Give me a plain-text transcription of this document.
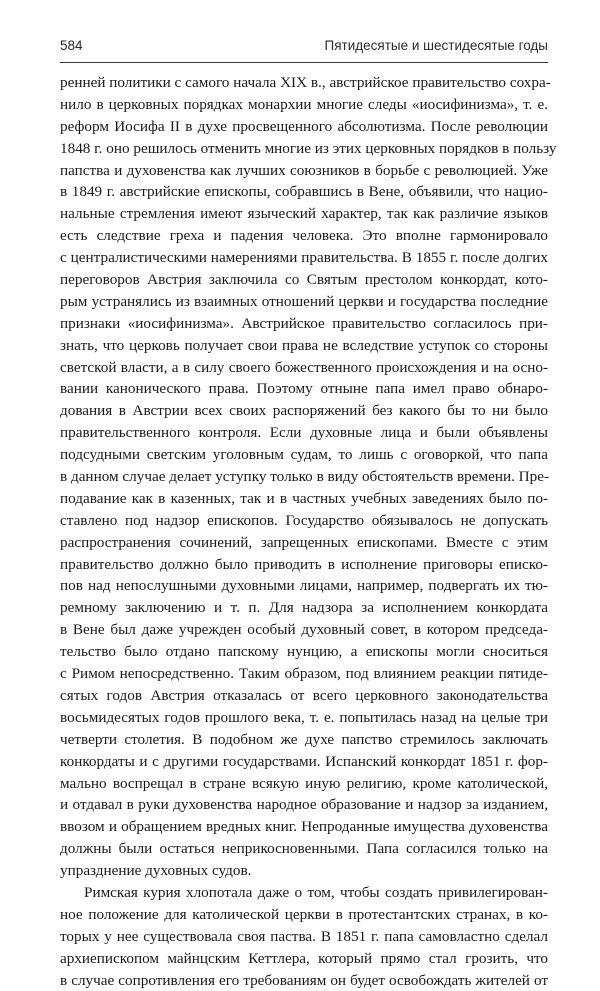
584	Пятидесятые и шестидесятые годы
ренней политики с самого начала XIX в., австрийское правительство сохра-
нило в церковных порядках монархии многие следы «иосифинизма», т. е.
реформ Иосифа II в духе просвещенного абсолютизма. После революции
1848 г. оно решилось отменить многие из этих церковных порядков в пользу
папства и духовенства как лучших союзников в борьбе с революцией. Уже
в 1849 г. австрийские епископы, собравшись в Вене, объявили, что нацио-
нальные стремления имеют языческий характер, так как различие языков
есть следствие греха и падения человека. Это вполне гармонировало
с централистическими намерениями правительства. В 1855 г. после долгих
переговоров Австрия заключила со Святым престолом конкордат, кото-
рым устранялись из взаимных отношений церкви и государства последние
признаки «иосифинизма». Австрийское правительство согласилось при-
знать, что церковь получает свои права не вследствие уступок со стороны
светской власти, а в силу своего божественного происхождения и на осно-
вании канонического права. Поэтому отныне папа имел право обнаро-
дования в Австрии всех своих распоряжений без какого бы то ни было
правительственного контроля. Если духовные лица и были объявлены
подсудными светским уголовным судам, то лишь с оговоркой, что папа
в данном случае делает уступку только в виду обстоятельств времени. Пре-
подавание как в казенных, так и в частных учебных заведениях было по-
ставлено под надзор епископов. Государство обязывалось не допускать
распространения сочинений, запрещенных епископами. Вместе с этим
правительство должно было приводить в исполнение приговоры еписко-
пов над непослушными духовными лицами, например, подвергать их тю-
ремному заключению и т. п. Для надзора за исполнением конкордата
в Вене был даже учрежден особый духовный совет, в котором председа-
тельство было отдано папскому нунцию, а епископы могли сноситься
с Римом непосредственно. Таким образом, под влиянием реакции пятиде-
сятых годов Австрия отказалась от всего церковного законодательства
восьмидесятых годов прошлого века, т. е. попытилась назад на целые три
четверти столетия. В подобном же духе папство стремилось заключать
конкордаты и с другими государствами. Испанский конкордат 1851 г. фор-
мально воспрещал в стране всякую иную религию, кроме католической,
и отдавал в руки духовенства народное образование и надзор за изданием,
ввозом и обращением вредных книг. Непроданные имущества духовенства
должны были остаться неприкосновенными. Папа согласился только на
упразднение духовных судов.
Римская курия хлопотала даже о том, чтобы создать привилегирован-
ное положение для католической церкви в протестантских странах, в ко-
торых у нее существовала своя паства. В 1851 г. папа самовластно сделал
архиепископом майнцским Кеттлера, который прямо стал грозить, что
в случае сопротивления его требованиям он будет освобождать жителей от
